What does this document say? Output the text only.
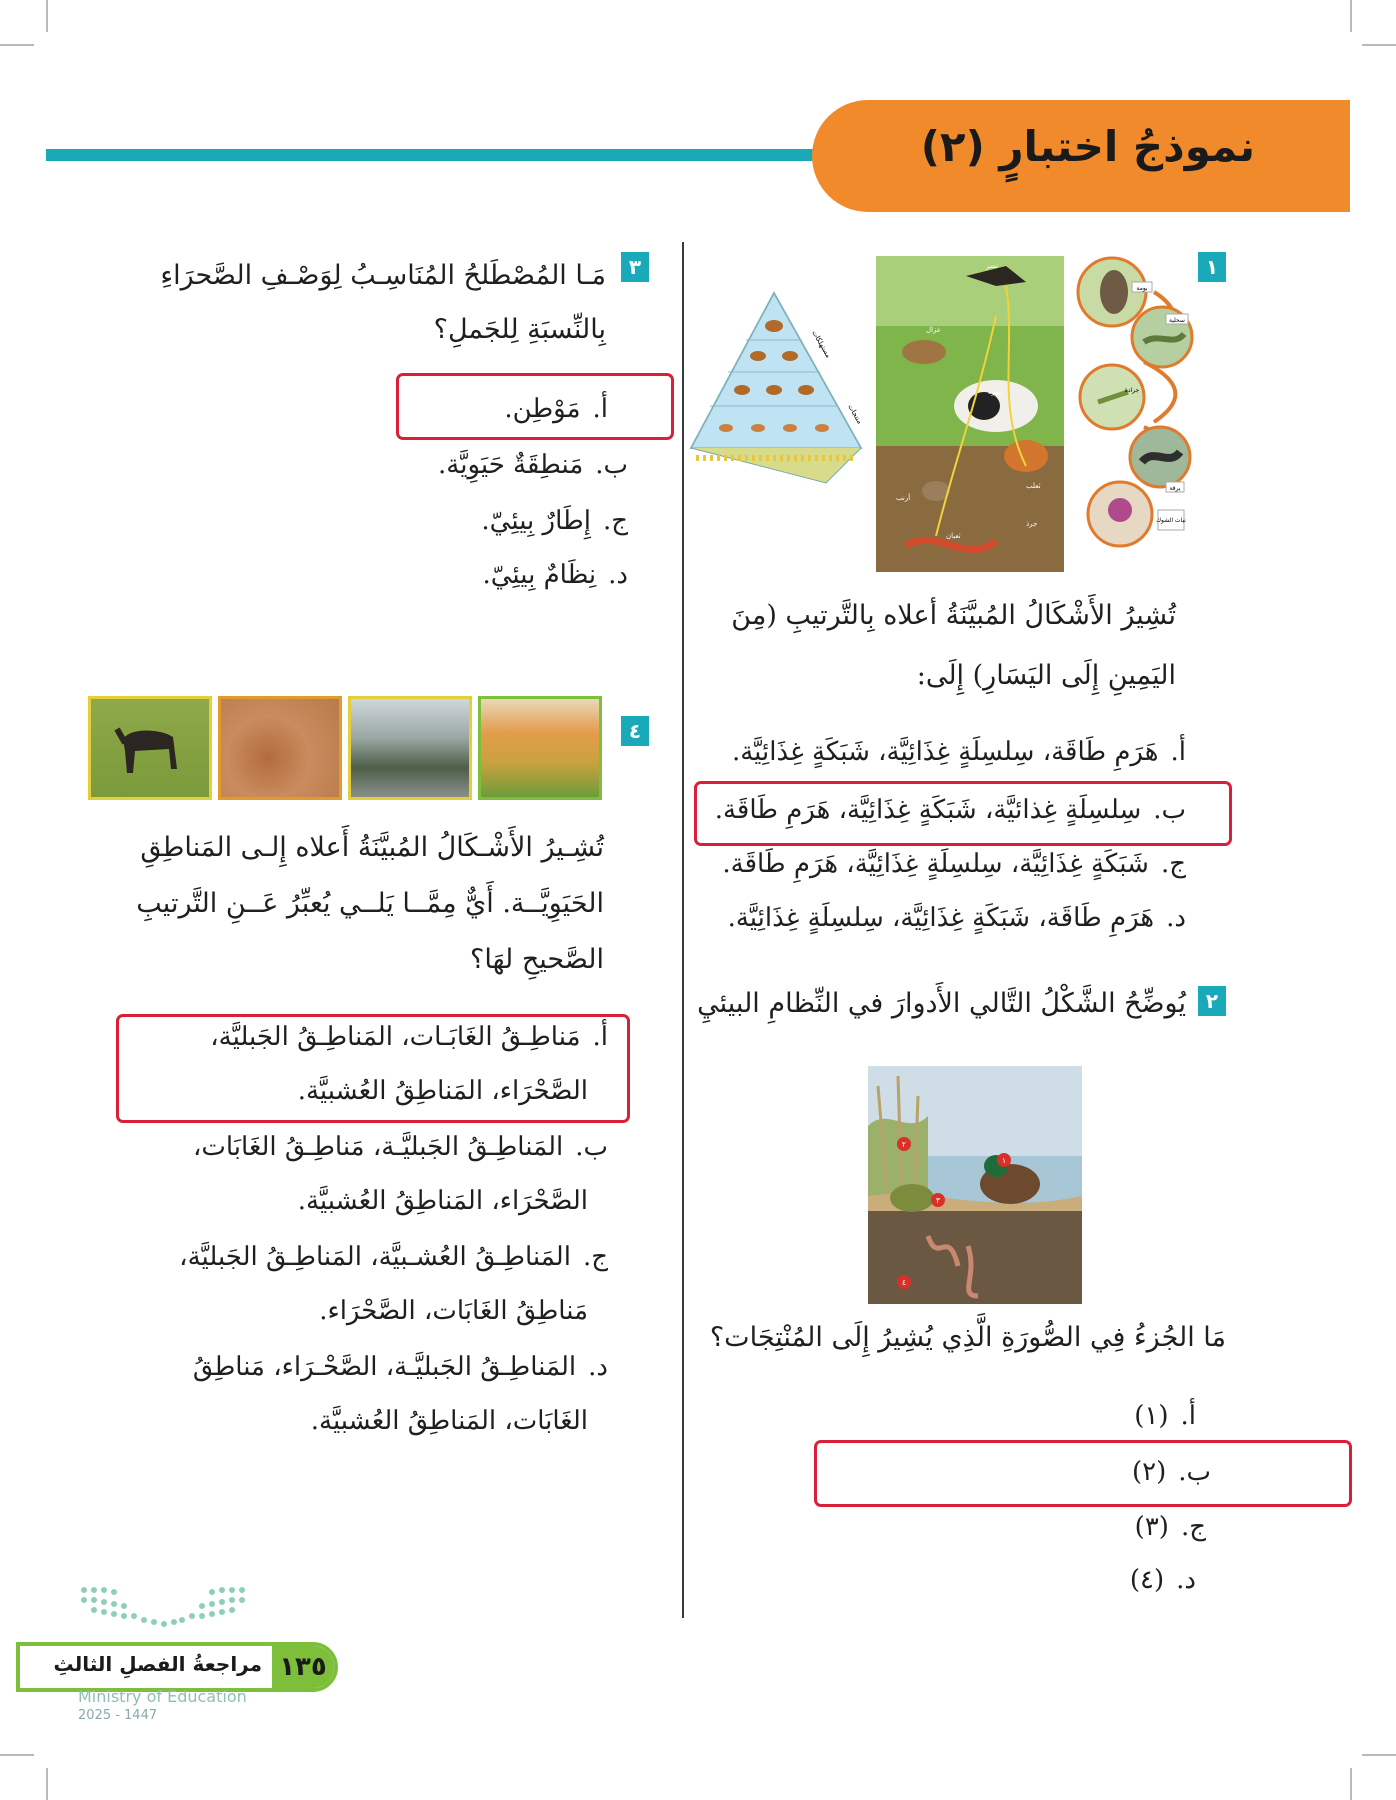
نموذجُ اختبارٍ (٢)
١
بومة
سحلية
جرادة
يرقة
نبات الشوك
نسر
غزال
بقرة
ثعلب
أرنب
ثعبان
جرذ
مستهلكات
منتجات
تُشِيرُ الأَشْكَالُ المُبيَّنَةُ أعلاه بِالتَّرتيبِ (مِنَ
اليَمِينِ إِلَى اليَسَارِ) إِلَى:
أ.هَرَمِ طَاقَة، سِلسِلَةٍ غِذَائِيَّة، شَبَكَةٍ غِذَائِيَّة.
ب.سِلسِلَةٍ غِذائيَّة، شَبَكَةٍ غِذَائِيَّة، هَرَمِ طَاقَة.
ج.شَبَكَةٍ غِذَائِيَّة، سِلسِلَةٍ غِذَائِيَّة، هَرَمِ طَاقَة.
د.هَرَمِ طَاقَة، شَبَكَةٍ غِذَائِيَّة، سِلسِلَةٍ غِذَائِيَّة.
٢
يُوضِّحُ الشَّكْلُ التَّالي الأَدوارَ في النِّظامِ البيئيِ
٢
١
٣
٤
مَا الجُزءُ فِي الصُّورَةِ الَّذِي يُشِيرُ إِلَى المُنْتِجَات؟
أ.(١)
ب.(٢)
ج.(٣)
د.(٤)
٣
مَـا المُصْطَلحُ المُنَاسِـبُ لِوَصْـفِ الصَّحرَاءِ
بِالنِّسبَةِ لِلجَملِ؟
أ.مَوْطِن.
ب.مَنطِقَةٌ حَيَوِيَّة.
ج.إِطَارٌ بِيئِيّ.
د.نِظَامٌ بِيئِيّ.
٤
تُشِـيرُ الأَشْـكَالُ المُبيَّنَةُ أَعلاه إِلـى المَناطِقِ
الحَيَوِيَّــة. أَيٌّ مِمَّــا يَلــي يُعبِّرُ عَــنِ التَّرتيبِ
الصَّحيحِ لهَا؟
أ.مَناطِـقُ الغَابَـات، المَناطِـقُ الجَبليَّة،
الصَّحْرَاء، المَناطِقُ العُشبيَّة.
ب.المَناطِـقُ الجَبليَّـة، مَناطِـقُ الغَابَات،
الصَّحْرَاء، المَناطِقُ العُشبيَّة.
ج.المَناطِـقُ العُشـبيَّة، المَناطِـقُ الجَبليَّة،
مَناطِقُ الغَابَات، الصَّحْرَاء.
د.المَناطِـقُ الجَبليَّـة، الصَّحْـرَاء، مَناطِقُ
الغَابَات، المَناطِقُ العُشبيَّة.
١٣٥
مراجعةُ الفصلِ الثالثِ
Ministry of Education
2025 - 1447
